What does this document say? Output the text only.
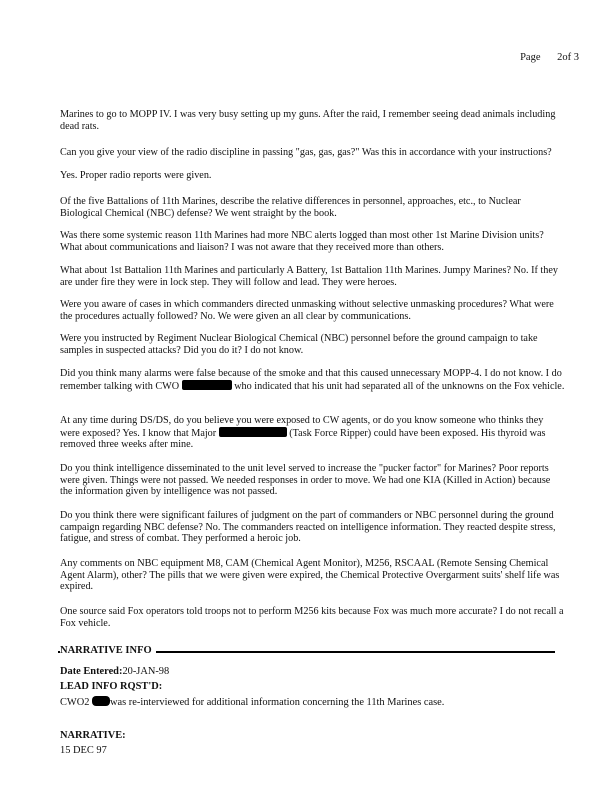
Page 2of 3
Marines to go to MOPP IV. I was very busy setting up my guns. After the raid, I remember seeing dead animals including dead rats.
Can you give your view of the radio discipline in passing "gas, gas, gas?" Was this in accordance with your instructions?
Yes. Proper radio reports were given.
Of the five Battalions of 11th Marines, describe the relative differences in personnel, approaches, etc., to Nuclear Biological Chemical (NBC) defense? We went straight by the book.
Was there some systemic reason 11th Marines had more NBC alerts logged than most other 1st Marine Division units? What about communications and liaison? I was not aware that they received more than others.
What about 1st Battalion 11th Marines and particularly A Battery, 1st Battalion 11th Marines. Jumpy Marines? No. If they are under fire they were in lock step. They will follow and lead. They were heroes.
Were you aware of cases in which commanders directed unmasking without selective unmasking procedures? What were the procedures actually followed? No. We were given an all clear by communications.
Were you instructed by Regiment Nuclear Biological Chemical (NBC) personnel before the ground campaign to take samples in suspected attacks? Did you do it? I do not know.
Did you think many alarms were false because of the smoke and that this caused unnecessary MOPP-4. I do not know. I do remember talking with CWO	who indicated that his unit had separated all of the unknowns on the Fox vehicle.
At any time during DS/DS, do you believe you were exposed to CW agents, or do you know someone who thinks they were exposed? Yes. I know that Major	(Task Force Ripper) could have been exposed. His thyroid was removed three weeks after mine.
Do you think intelligence disseminated to the unit level served to increase the "pucker factor" for Marines? Poor reports were given. Things were not passed. We needed responses in order to move. We had one KIA (Killed in Action) because the information given by intelligence was not passed.
Do you think there were significant failures of judgment on the part of commanders or NBC personnel during the ground campaign regarding NBC defense? No. The commanders reacted on intelligence information. They reacted despite stress, fatigue, and stress of combat. They performed a heroic job.
Any comments on NBC equipment M8, CAM (Chemical Agent Monitor), M256, RSCAAL (Remote Sensing Chemical Agent Alarm), other? The pills that we were given were expired, the Chemical Protective Overgarment suits' shelf life was expired.
One source said Fox operators told troops not to perform M256 kits because Fox was much more accurate? I do not recall a Fox vehicle.
NARRATIVE INFO
Date Entered:20-JAN-98
LEAD INFO RQST'D:
CWO2 was re-interviewed for additional information concerning the 11th Marines case.
NARRATIVE:
15 DEC 97
